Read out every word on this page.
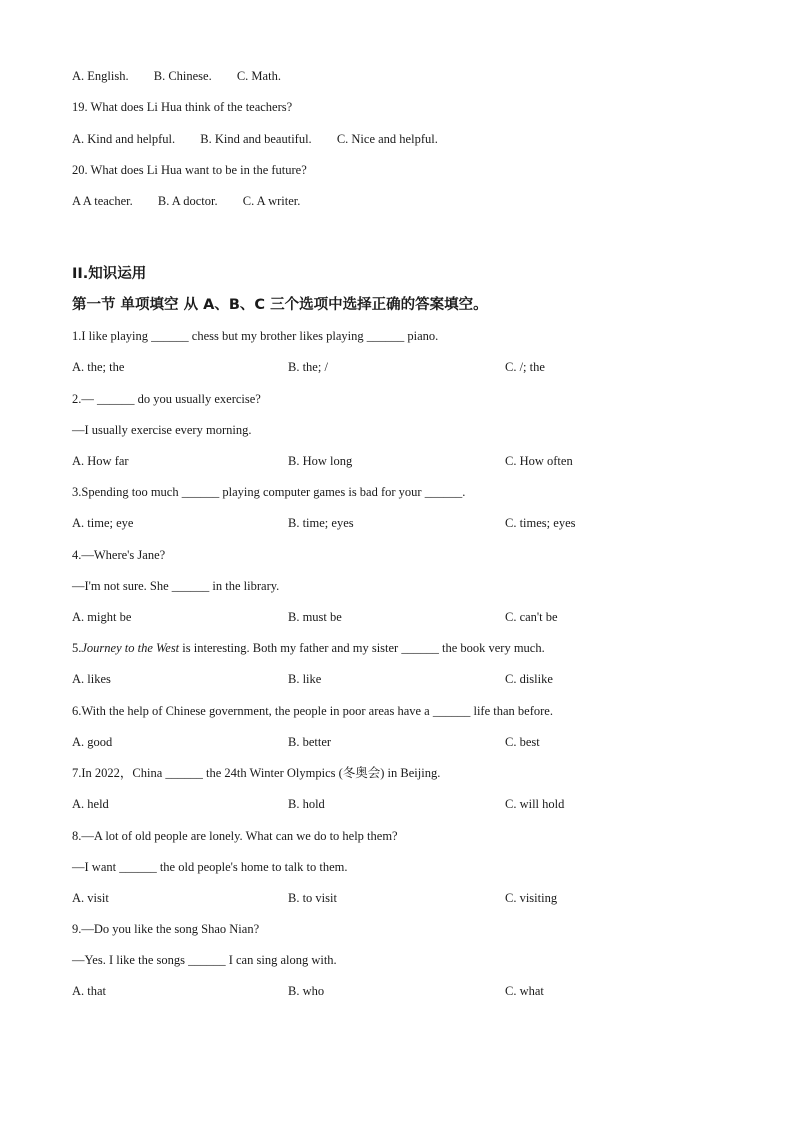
A. English. B. Chinese. C. Math.
19. What does Li Hua think of the teachers?
A. Kind and helpful. B. Kind and beautiful. C. Nice and helpful.
20. What does Li Hua want to be in the future?
A A teacher. B. A doctor. C. A writer.
II.知识运用
第一节 单项填空 从 A、B、C 三个选项中选择正确的答案填空。
1.I like playing ______ chess but my brother likes playing ______ piano.
A. the; the	B. the; /	C. /; the
2.— ______ do you usually exercise?
—I usually exercise every morning.
A. How far	B. How long	C. How often
3.Spending too much ______ playing computer games is bad for your ______.
A. time; eye	B. time; eyes	C. times; eyes
4.—Where's Jane?
—I'm not sure. She ______ in the library.
A. might be	B. must be	C. can't be
5.Journey to the West is interesting. Both my father and my sister ______ the book very much.
A. likes	B. like	C. dislike
6.With the help of Chinese government, the people in poor areas have a ______ life than before.
A. good	B. better	C. best
7.In 2022，China ______ the 24th Winter Olympics (冬奥会) in Beijing.
A. held	B. hold	C. will hold
8.—A lot of old people are lonely. What can we do to help them?
—I want ______ the old people's home to talk to them.
A. visit	B. to visit	C. visiting
9.—Do you like the song Shao Nian?
—Yes. I like the songs ______ I can sing along with.
A. that	B. who	C. what
